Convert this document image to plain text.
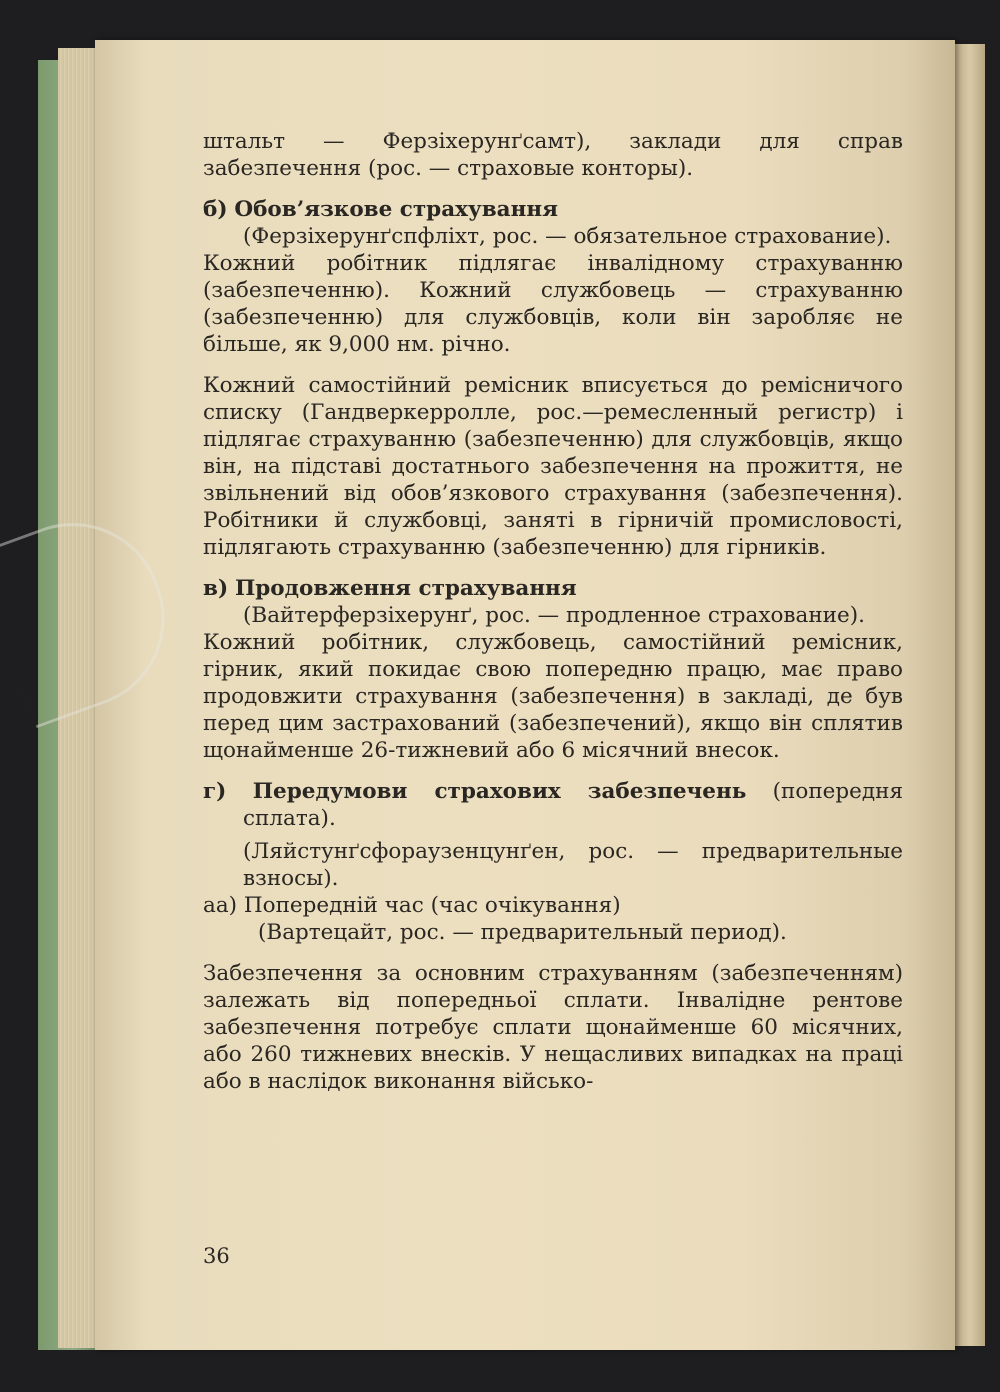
штальт — Ферзіхерунґсамт), заклади для справ забезпечення (рос. — страховые конторы).

б) Обов’язкове страхування

(Ферзіхерунґспфліхт, рос. — обязательное страхование).

Кожний робітник підлягає інвалідному страхуванню (забезпеченню). Кожний службовець — страхуванню (забезпеченню) для службовців, коли він заробляє не більше, як 9,000 нм. річно.

Кожний самостійний ремісник вписується до ремісничого списку (Гандверкерролле, рос.—ремесленный регистр) і підлягає страхуванню (забезпеченню) для службовців, якщо він, на підставі достатнього забезпечення на прожиття, не звільнений від обов’язкового страхування (забезпечення). Робітники й службовці, заняті в гірничій промисловості, підлягають страхуванню (забезпеченню) для гірників.

в) Продовження страхування

(Вайтерферзіхерунґ, рос. — продленное страхование).

Кожний робітник, службовець, самостійний ремісник, гірник, який покидає свою попередню працю, має право продовжити страхування (забезпечення) в закладі, де був перед цим застрахований (забезпечений), якщо він сплятив щонайменше 26-тижневий або 6 місячний внесок.

г) Передумови страхових забезпечень (попередня сплата).

(Ляйстунґсфораузенцунґен, рос. — предварительные взносы).

аа) Попередній час (час очікування)

(Вартецайт, рос. — предварительный период).

Забезпечення за основним страхуванням (забезпеченням) залежать від попередньої сплати. Інвалідне рентове забезпечення потребує сплати щонайменше 60 місячних, або 260 тижневих внесків. У нещасливих випадках на праці або в наслідок виконання військо-

36
